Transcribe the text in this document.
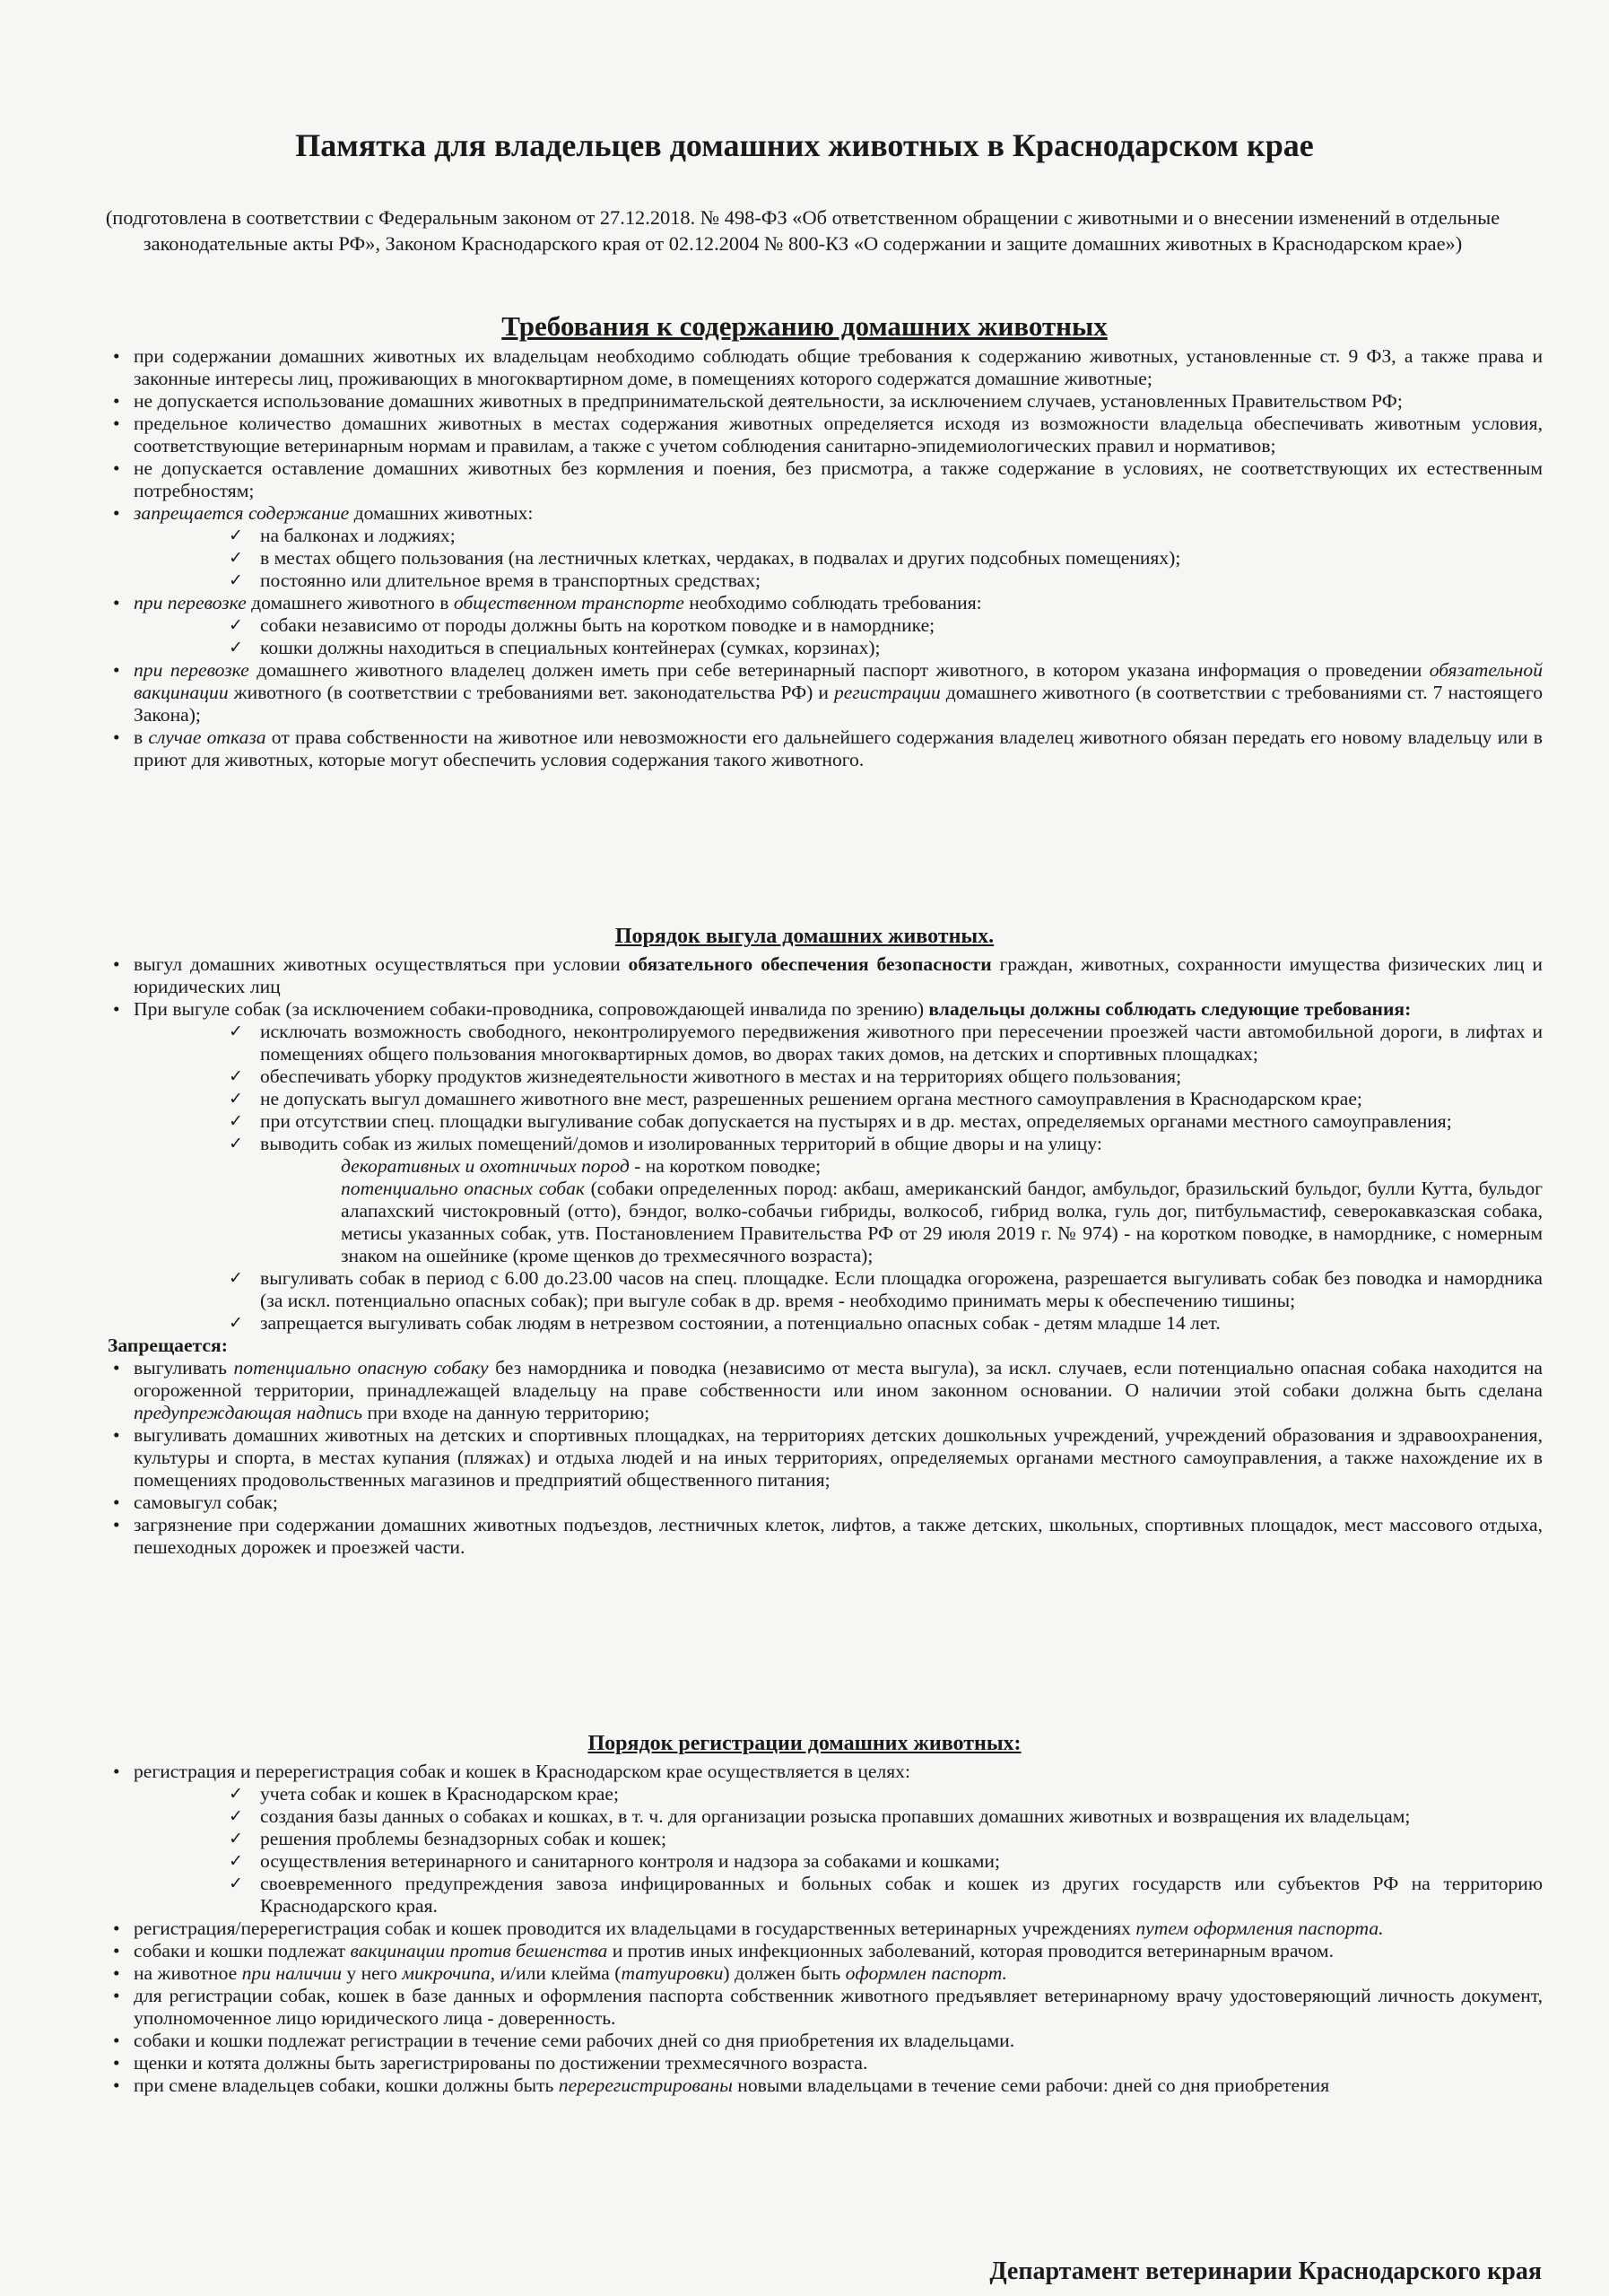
Памятка для владельцев домашних животных в Краснодарском крае
(подготовлена в соответствии с Федеральным законом от 27.12.2018. № 498-ФЗ «Об ответственном обращении с животными и о внесении изменений в отдельные законодательные акты РФ», Законом Краснодарского края от 02.12.2004 № 800-КЗ «О содержании и защите домашних животных в Краснодарском крае»)
Требования к содержанию домашних животных
• при содержании домашних животных их владельцам необходимо соблюдать общие требования к содержанию животных, установленные ст. 9 ФЗ, а также права и законные интересы лиц, проживающих в многоквартирном доме, в помещениях которого содержатся домашние животные;
• не допускается использование домашних животных в предпринимательской деятельности, за исключением случаев, установленных Правительством РФ;
• предельное количество домашних животных в местах содержания животных определяется исходя из возможности владельца обеспечивать животным условия, соответствующие ветеринарным нормам и правилам, а также с учетом соблюдения санитарно-эпидемиологических правил и нормативов;
• не допускается оставление домашних животных без кормления и поения, без присмотра, а также содержание в условиях, не соответствующих их естественным потребностям;
• запрещается содержание домашних животных:
✓ на балконах и лоджиях;
✓ в местах общего пользования (на лестничных клетках, чердаках, в подвалах и других подсобных помещениях);
✓ постоянно или длительное время в транспортных средствах;
• при перевозке домашнего животного в общественном транспорте необходимо соблюдать требования:
✓ собаки независимо от породы должны быть на коротком поводке и в наморднике;
✓ кошки должны находиться в специальных контейнерах (сумках, корзинах);
• при перевозке домашнего животного владелец должен иметь при себе ветеринарный паспорт животного, в котором указана информация о проведении обязательной вакцинации животного (в соответствии с требованиями вет. законодательства РФ) и регистрации домашнего животного (в соответствии с требованиями ст. 7 настоящего Закона);
• в случае отказа от права собственности на животное или невозможности его дальнейшего содержания владелец животного обязан передать его новому владельцу или в приют для животных, которые могут обеспечить условия содержания такого животного.
Порядок выгула домашних животных.
• выгул домашних животных осуществляться при условии обязательного обеспечения безопасности граждан, животных, сохранности имущества физических лиц и юридических лиц
• При выгуле собак (за исключением собаки-проводника, сопровождающей инвалида по зрению) владельцы должны соблюдать следующие требования:
✓ исключать возможность свободного, неконтролируемого передвижения животного при пересечении проезжей части автомобильной дороги, в лифтах и помещениях общего пользования многоквартирных домов, во дворах таких домов, на детских и спортивных площадках;
✓ обеспечивать уборку продуктов жизнедеятельности животного в местах и на территориях общего пользования;
✓ не допускать выгул домашнего животного вне мест, разрешенных решением органа местного самоуправления в Краснодарском крае;
✓ при отсутствии спец. площадки выгуливание собак допускается на пустырях и в др. местах, определяемых органами местного самоуправления;
✓ выводить собак из жилых помещений/домов и изолированных территорий в общие дворы и на улицу:
декоративных и охотничьих пород - на коротком поводке;
потенциально опасных собак (собаки определенных пород: акбаш, американский бандог, амбульдог, бразильский бульдог, булли Кутта, бульдог алапахский чистокровный (отто), бэндог, волко-собачьи гибриды, волкособ, гибрид волка, гуль дог, питбульмастиф, северокавказская собака, метисы указанных собак, утв. Постановлением Правительства РФ от 29 июля 2019 г. № 974) - на коротком поводке, в наморднике, с номерным знаком на ошейнике (кроме щенков до трехмесячного возраста);
✓ выгуливать собак в период с 6.00 до.23.00 часов на спец. площадке. Если площадка огорожена, разрешается выгуливать собак без поводка и намордника (за искл. потенциально опасных собак); при выгуле собак в др. время - необходимо принимать меры к обеспечению тишины;
✓ запрещается выгуливать собак людям в нетрезвом состоянии, а потенциально опасных собак - детям младше 14 лет.
Запрещается:
• выгуливать потенциально опасную собаку без намордника и поводка (независимо от места выгула), за искл. случаев, если потенциально опасная собака находится на огороженной территории, принадлежащей владельцу на праве собственности или ином законном основании. О наличии этой собаки должна быть сделана предупреждающая надпись при входе на данную территорию;
• выгуливать домашних животных на детских и спортивных площадках, на территориях детских дошкольных учреждений, учреждений образования и здравоохранения, культуры и спорта, в местах купания (пляжах) и отдыха людей и на иных территориях, определяемых органами местного самоуправления, а также нахождение их в помещениях продовольственных магазинов и предприятий общественного питания;
• самовыгул собак;
• загрязнение при содержании домашних животных подъездов, лестничных клеток, лифтов, а также детских, школьных, спортивных площадок, мест массового отдыха, пешеходных дорожек и проезжей части.
Порядок регистрации домашних животных:
• регистрация и перерегистрация собак и кошек в Краснодарском крае осуществляется в целях:
✓ учета собак и кошек в Краснодарском крае;
✓ создания базы данных о собаках и кошках, в т. ч. для организации розыска пропавших домашних животных и возвращения их владельцам;
✓ решения проблемы безнадзорных собак и кошек;
✓ осуществления ветеринарного и санитарного контроля и надзора за собаками и кошками;
✓ своевременного предупреждения завоза инфицированных и больных собак и кошек из других государств или субъектов РФ на территорию Краснодарского края.
• регистрация/перерегистрация собак и кошек проводится их владельцами в государственных ветеринарных учреждениях путем оформления паспорта.
• собаки и кошки подлежат вакцинации против бешенства и против иных инфекционных заболеваний, которая проводится ветеринарным врачом.
• на животное при наличии у него микрочипа, и/или клейма (татуировки) должен быть оформлен паспорт.
• для регистрации собак, кошек в базе данных и оформления паспорта собственник животного предъявляет ветеринарному врачу удостоверяющий личность документ, уполномоченное лицо юридического лица - доверенность.
• собаки и кошки подлежат регистрации в течение семи рабочих дней со дня приобретения их владельцами.
• щенки и котята должны быть зарегистрированы по достижении трехмесячного возраста.
• при смене владельцев собаки, кошки должны быть перерегистрированы новыми владельцами в течение семи рабочи: дней со дня приобретения
Департамент ветеринарии Краснодарского края
